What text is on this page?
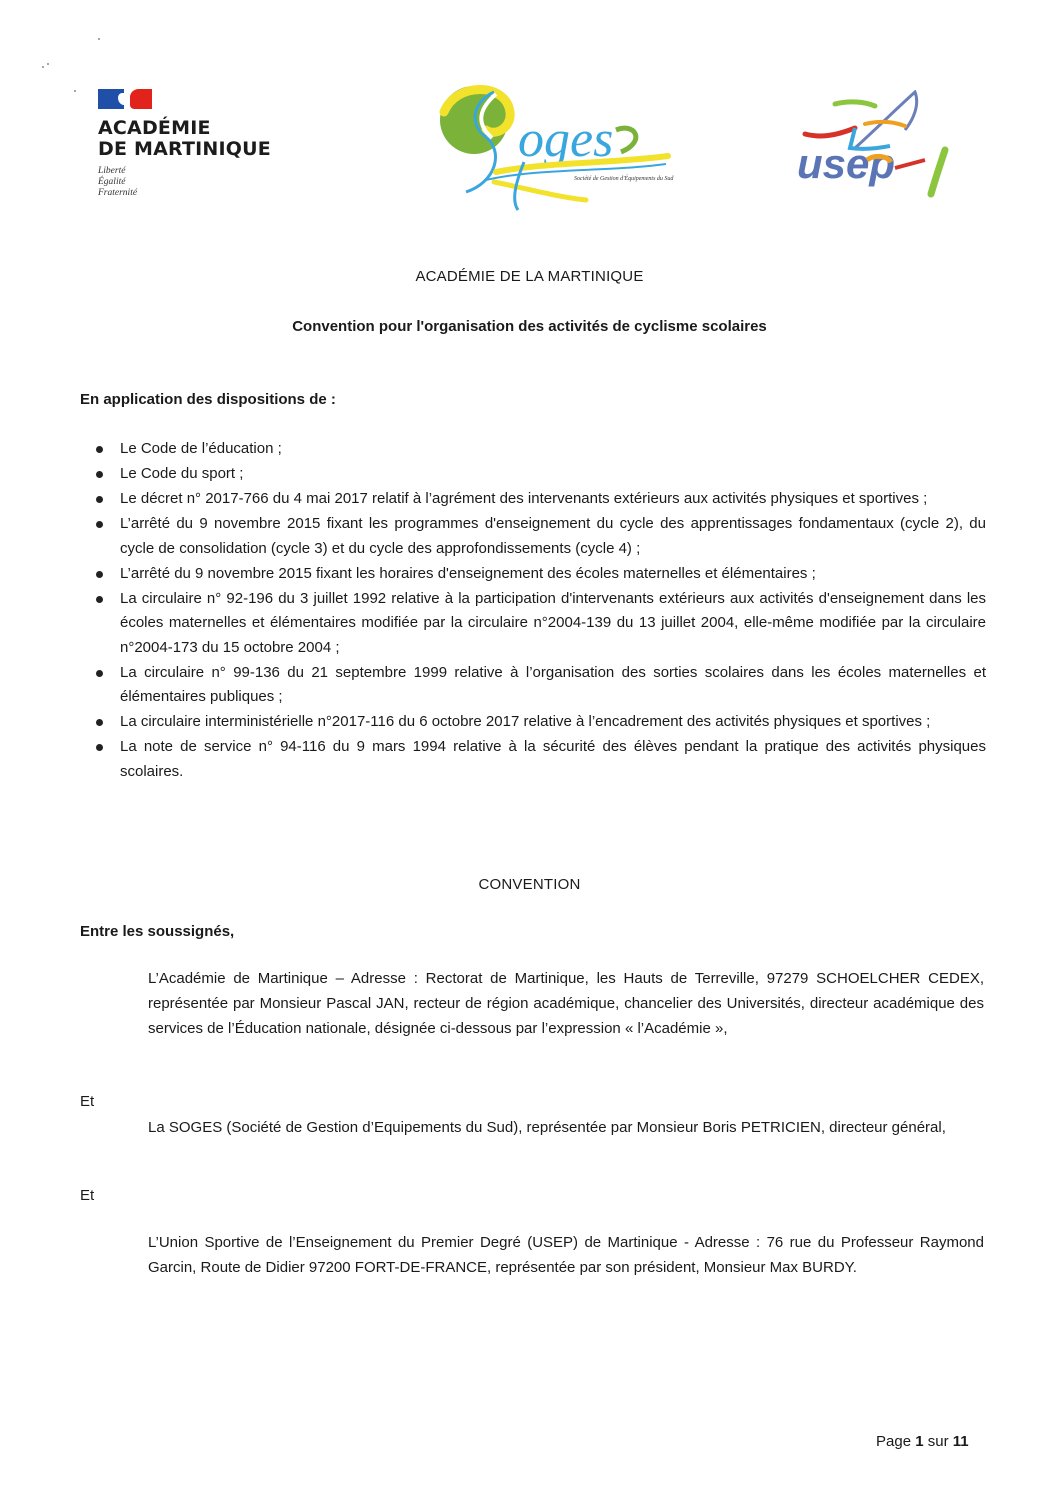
ACADÉMIE
DE MARTINIQUE
Liberté
Égalité
Fraternité
oges
Société de Gestion d'Équipements du Sud	usep
ACADÉMIE DE LA MARTINIQUE
Convention pour l'organisation des activités de cyclisme scolaires
En application des dispositions de :
Le Code de l’éducation ;
Le Code du sport ;
Le décret n° 2017-766 du 4 mai 2017 relatif à l’agrément des intervenants extérieurs aux activités physiques et sportives ;
L’arrêté du 9 novembre 2015 fixant les programmes d'enseignement du cycle des apprentissages fondamentaux (cycle 2), du cycle de consolidation (cycle 3) et du cycle des approfondissements (cycle 4) ;
L’arrêté du 9 novembre 2015 fixant les horaires d'enseignement des écoles maternelles et élémentaires ;
La circulaire n° 92-196 du 3 juillet 1992 relative à la participation d'intervenants extérieurs aux activités d'enseignement dans les écoles maternelles et élémentaires modifiée par la circulaire n°2004-139 du 13 juillet 2004, elle-même modifiée par la circulaire n°2004-173 du 15 octobre 2004 ;
La circulaire n° 99-136 du 21 septembre 1999 relative à l’organisation des sorties scolaires dans les écoles maternelles et élémentaires publiques ;
La circulaire interministérielle n°2017-116 du 6 octobre 2017 relative à l’encadrement des activités physiques et sportives ;
La note de service n° 94-116 du 9 mars 1994 relative à la sécurité des élèves pendant la pratique des activités physiques scolaires.
CONVENTION
Entre les soussignés,

L’Académie de Martinique – Adresse : Rectorat de Martinique, les Hauts de Terreville, 97279 SCHOELCHER CEDEX, représentée par Monsieur Pascal JAN, recteur de région académique, chancelier des Universités, directeur académique des services de l’Éducation nationale, désignée ci-dessous par l’expression « l’Académie »,

Et

La SOGES (Société de Gestion d’Equipements du Sud), représentée par Monsieur Boris PETRICIEN, directeur général,

Et

L’Union Sportive de l’Enseignement du Premier Degré (USEP) de Martinique - Adresse : 76 rue du Professeur Raymond Garcin, Route de Didier 97200 FORT-DE-FRANCE, représentée par son président, Monsieur Max BURDY.

Page 1 sur 11
